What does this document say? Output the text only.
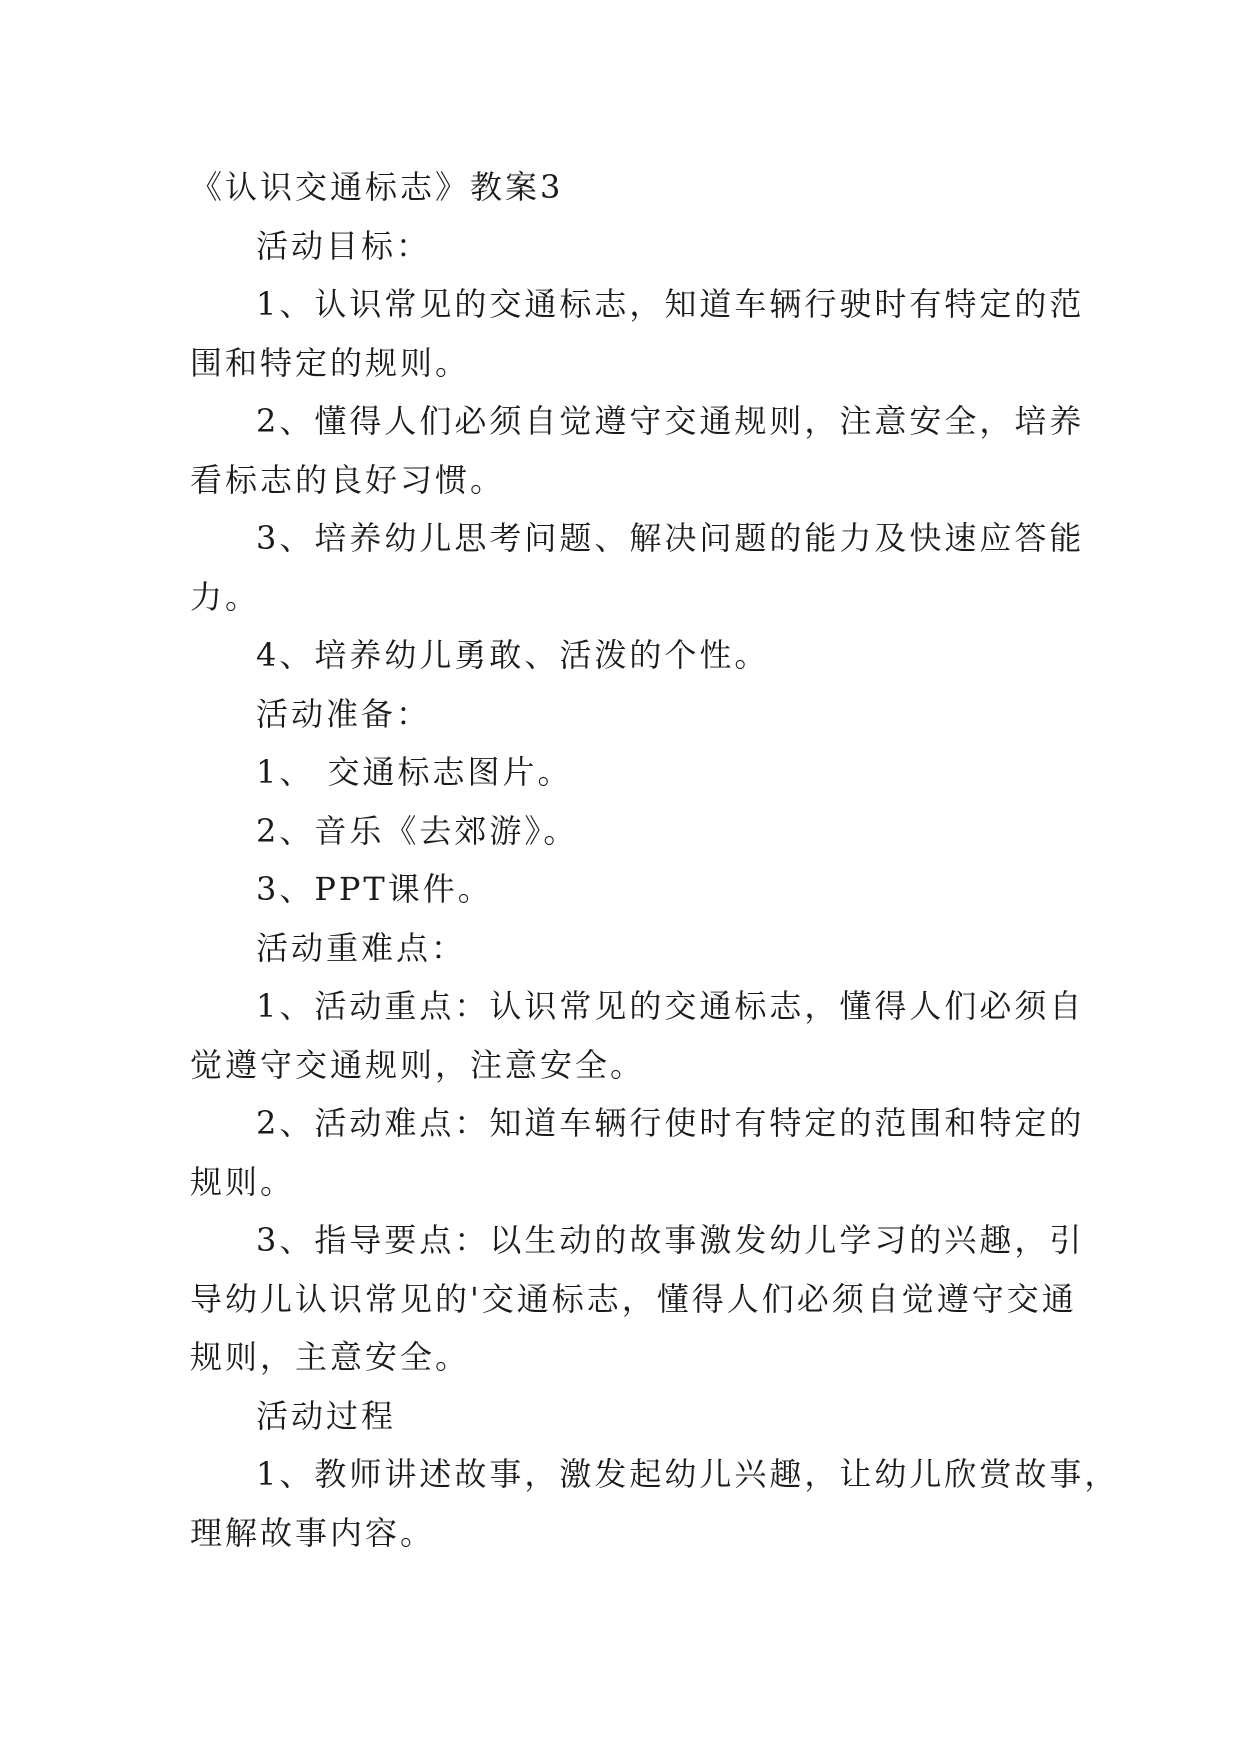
《认识交通标志》教案3
活动目标：
1、认识常见的交通标志，知道车辆行驶时有特定的范
围和特定的规则。
2、懂得人们必须自觉遵守交通规则，注意安全，培养
看标志的良好习惯。
3、培养幼儿思考问题、解决问题的能力及快速应答能
力。
4、培养幼儿勇敢、活泼的个性。
活动准备：
1、 交通标志图片。
2、音乐《去郊游》。
3、PPT课件。
活动重难点：
1、活动重点：认识常见的交通标志，懂得人们必须自
觉遵守交通规则，注意安全。
2、活动难点：知道车辆行使时有特定的范围和特定的
规则。
3、指导要点：以生动的故事激发幼儿学习的兴趣，引
导幼儿认识常见的'交通标志，懂得人们必须自觉遵守交通
规则，主意安全。
活动过程
1、教师讲述故事，激发起幼儿兴趣，让幼儿欣赏故事，
理解故事内容。
